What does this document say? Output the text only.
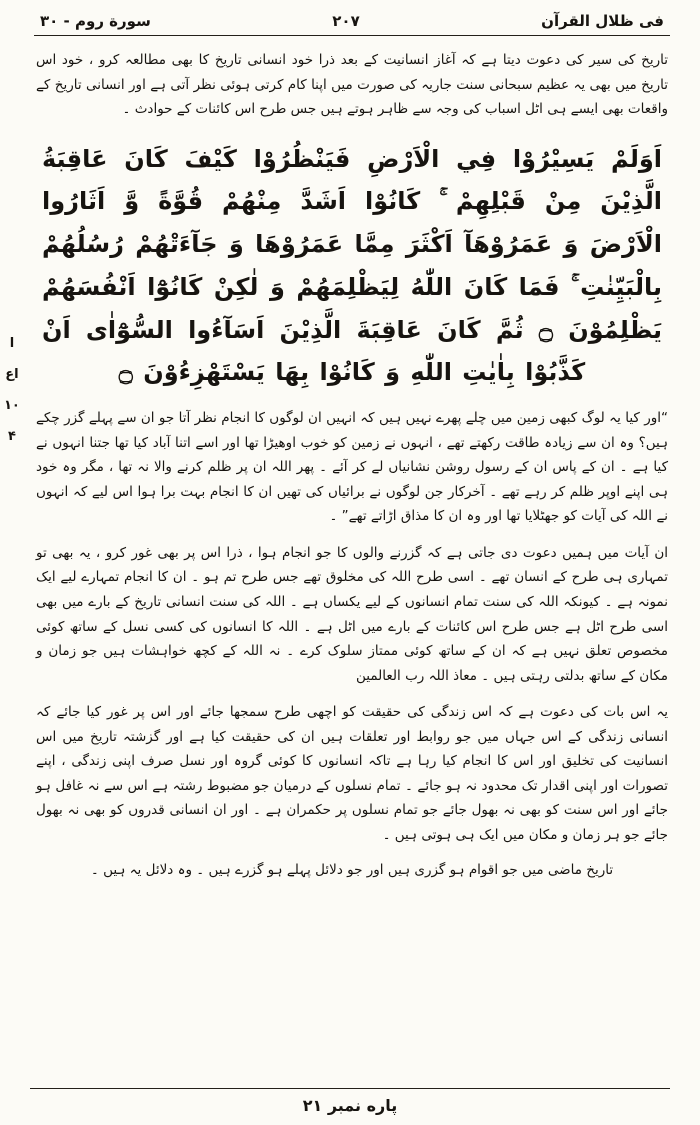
فى ظلال القرآن
۲۰۷
سورة روم - ۳۰

تاریخ کی سیر کی دعوت دیتا ہے کہ آغاز انسانیت کے بعد ذرا خود انسانی تاریخ کا بھی مطالعہ کرو ، خود اس تاریخ میں بھی یہ عظیم سبحانی سنت جاریہ کی صورت میں اپنا کام کرتی ہوئی نظر آتی ہے اور انسانی تاریخ کے واقعات بھی ایسے ہی اٹل اسباب کی وجہ سے ظاہر ہوتے ہیں جس طرح اس کائنات کے حوادث ۔

اَوَلَمْ يَسِيْرُوْا فِي الْاَرْضِ فَيَنْظُرُوْا كَيْفَ كَانَ عَاقِبَةُ الَّذِيْنَ مِنْ قَبْلِهِمْ ۚ كَانُوْا اَشَدَّ مِنْهُمْ قُوَّةً وَّ اَثَارُوا الْاَرْضَ وَ عَمَرُوْهَآ اَكْثَرَ مِمَّا عَمَرُوْهَا وَ جَآءَتْهُمْ رُسُلُهُمْ بِالْبَيِّنٰتِ ۚ فَمَا كَانَ اللّٰهُ لِيَظْلِمَهُمْ وَ لٰكِنْ كَانُوْٓا اَنْفُسَهُمْ يَظْلِمُوْنَ ۝ ثُمَّ كَانَ عَاقِبَةَ الَّذِيْنَ اَسَآءُوا السُّوْٓاٰى اَنْ كَذَّبُوْا بِاٰيٰتِ اللّٰهِ وَ كَانُوْا بِهَا يَسْتَهْزِءُوْنَ ۝
ا
اع
۱۰
۴

“اور کیا یہ لوگ کبھی زمین میں چلے پھرے نہیں ہیں کہ انہیں ان لوگوں کا انجام نظر آتا جو ان سے پہلے گزر چکے ہیں؟ وہ ان سے زیادہ طاقت رکھتے تھے ، انہوں نے زمین کو خوب اوھیڑا تھا اور اسے اتنا آباد کیا تھا جتنا انہوں نے کیا ہے ۔ ان کے پاس ان کے رسول روشن نشانیاں لے کر آئے ۔ پھر اللہ ان پر ظلم کرنے والا نہ تھا ، مگر وہ خود ہی اپنے اوپر ظلم کر رہے تھے ۔ آخرکار جن لوگوں نے برائیاں کی تھیں ان کا انجام بہت برا ہوا اس لیے کہ انہوں نے اللہ کی آیات کو جھٹلایا تھا اور وہ ان کا مذاق اڑاتے تھے” ۔

ان آیات میں ہمیں دعوت دی جاتی ہے کہ گزرنے والوں کا جو انجام ہوا ، ذرا اس پر بھی غور کرو ، یہ بھی تو تمہاری ہی طرح کے انسان تھے ۔ اسی طرح اللہ کی مخلوق تھے جس طرح تم ہو ۔ ان کا انجام تمہارے لیے ایک نمونہ ہے ۔ کیونکہ اللہ کی سنت تمام انسانوں کے لیے یکساں ہے ۔ اللہ کی سنت انسانی تاریخ کے بارے میں بھی اسی طرح اٹل ہے جس طرح اس کائنات کے بارے میں اٹل ہے ۔ اللہ کا انسانوں کی کسی نسل کے ساتھ کوئی مخصوص تعلق نہیں ہے کہ ان کے ساتھ کوئی ممتاز سلوک کرے ۔ نہ اللہ کے کچھ خواہشات ہیں جو زمان و مکان کے ساتھ بدلتی رہتی ہیں ۔ معاذ اللہ رب العالمین

یہ اس بات کی دعوت ہے کہ اس زندگی کی حقیقت کو اچھی طرح سمجھا جائے اور اس پر غور کیا جائے کہ انسانی زندگی کے اس جہاں میں جو روابط اور تعلقات ہیں ان کی حقیقت کیا ہے اور گزشتہ تاریخ میں اس انسانیت کی تخلیق اور اس کا انجام کیا رہا ہے تاکہ انسانوں کا کوئی گروہ اور نسل صرف اپنی زندگی ، اپنے تصورات اور اپنی اقدار تک محدود نہ ہو جائے ۔ تمام نسلوں کے درمیان جو مضبوط رشتہ ہے اس سے نہ غافل ہو جائے اور اس سنت کو بھی نہ بھول جائے جو تمام نسلوں پر حکمران ہے ۔ اور ان انسانی قدروں کو بھی نہ بھول جائے جو ہر زمان و مکان میں ایک ہی ہوتی ہیں ۔

تاریخ ماضی میں جو اقوام ہو گزری ہیں اور جو دلائل پہلے ہو گزرے ہیں ۔ وہ دلائل یہ ہیں ۔

پاره نمبر ۲۱
